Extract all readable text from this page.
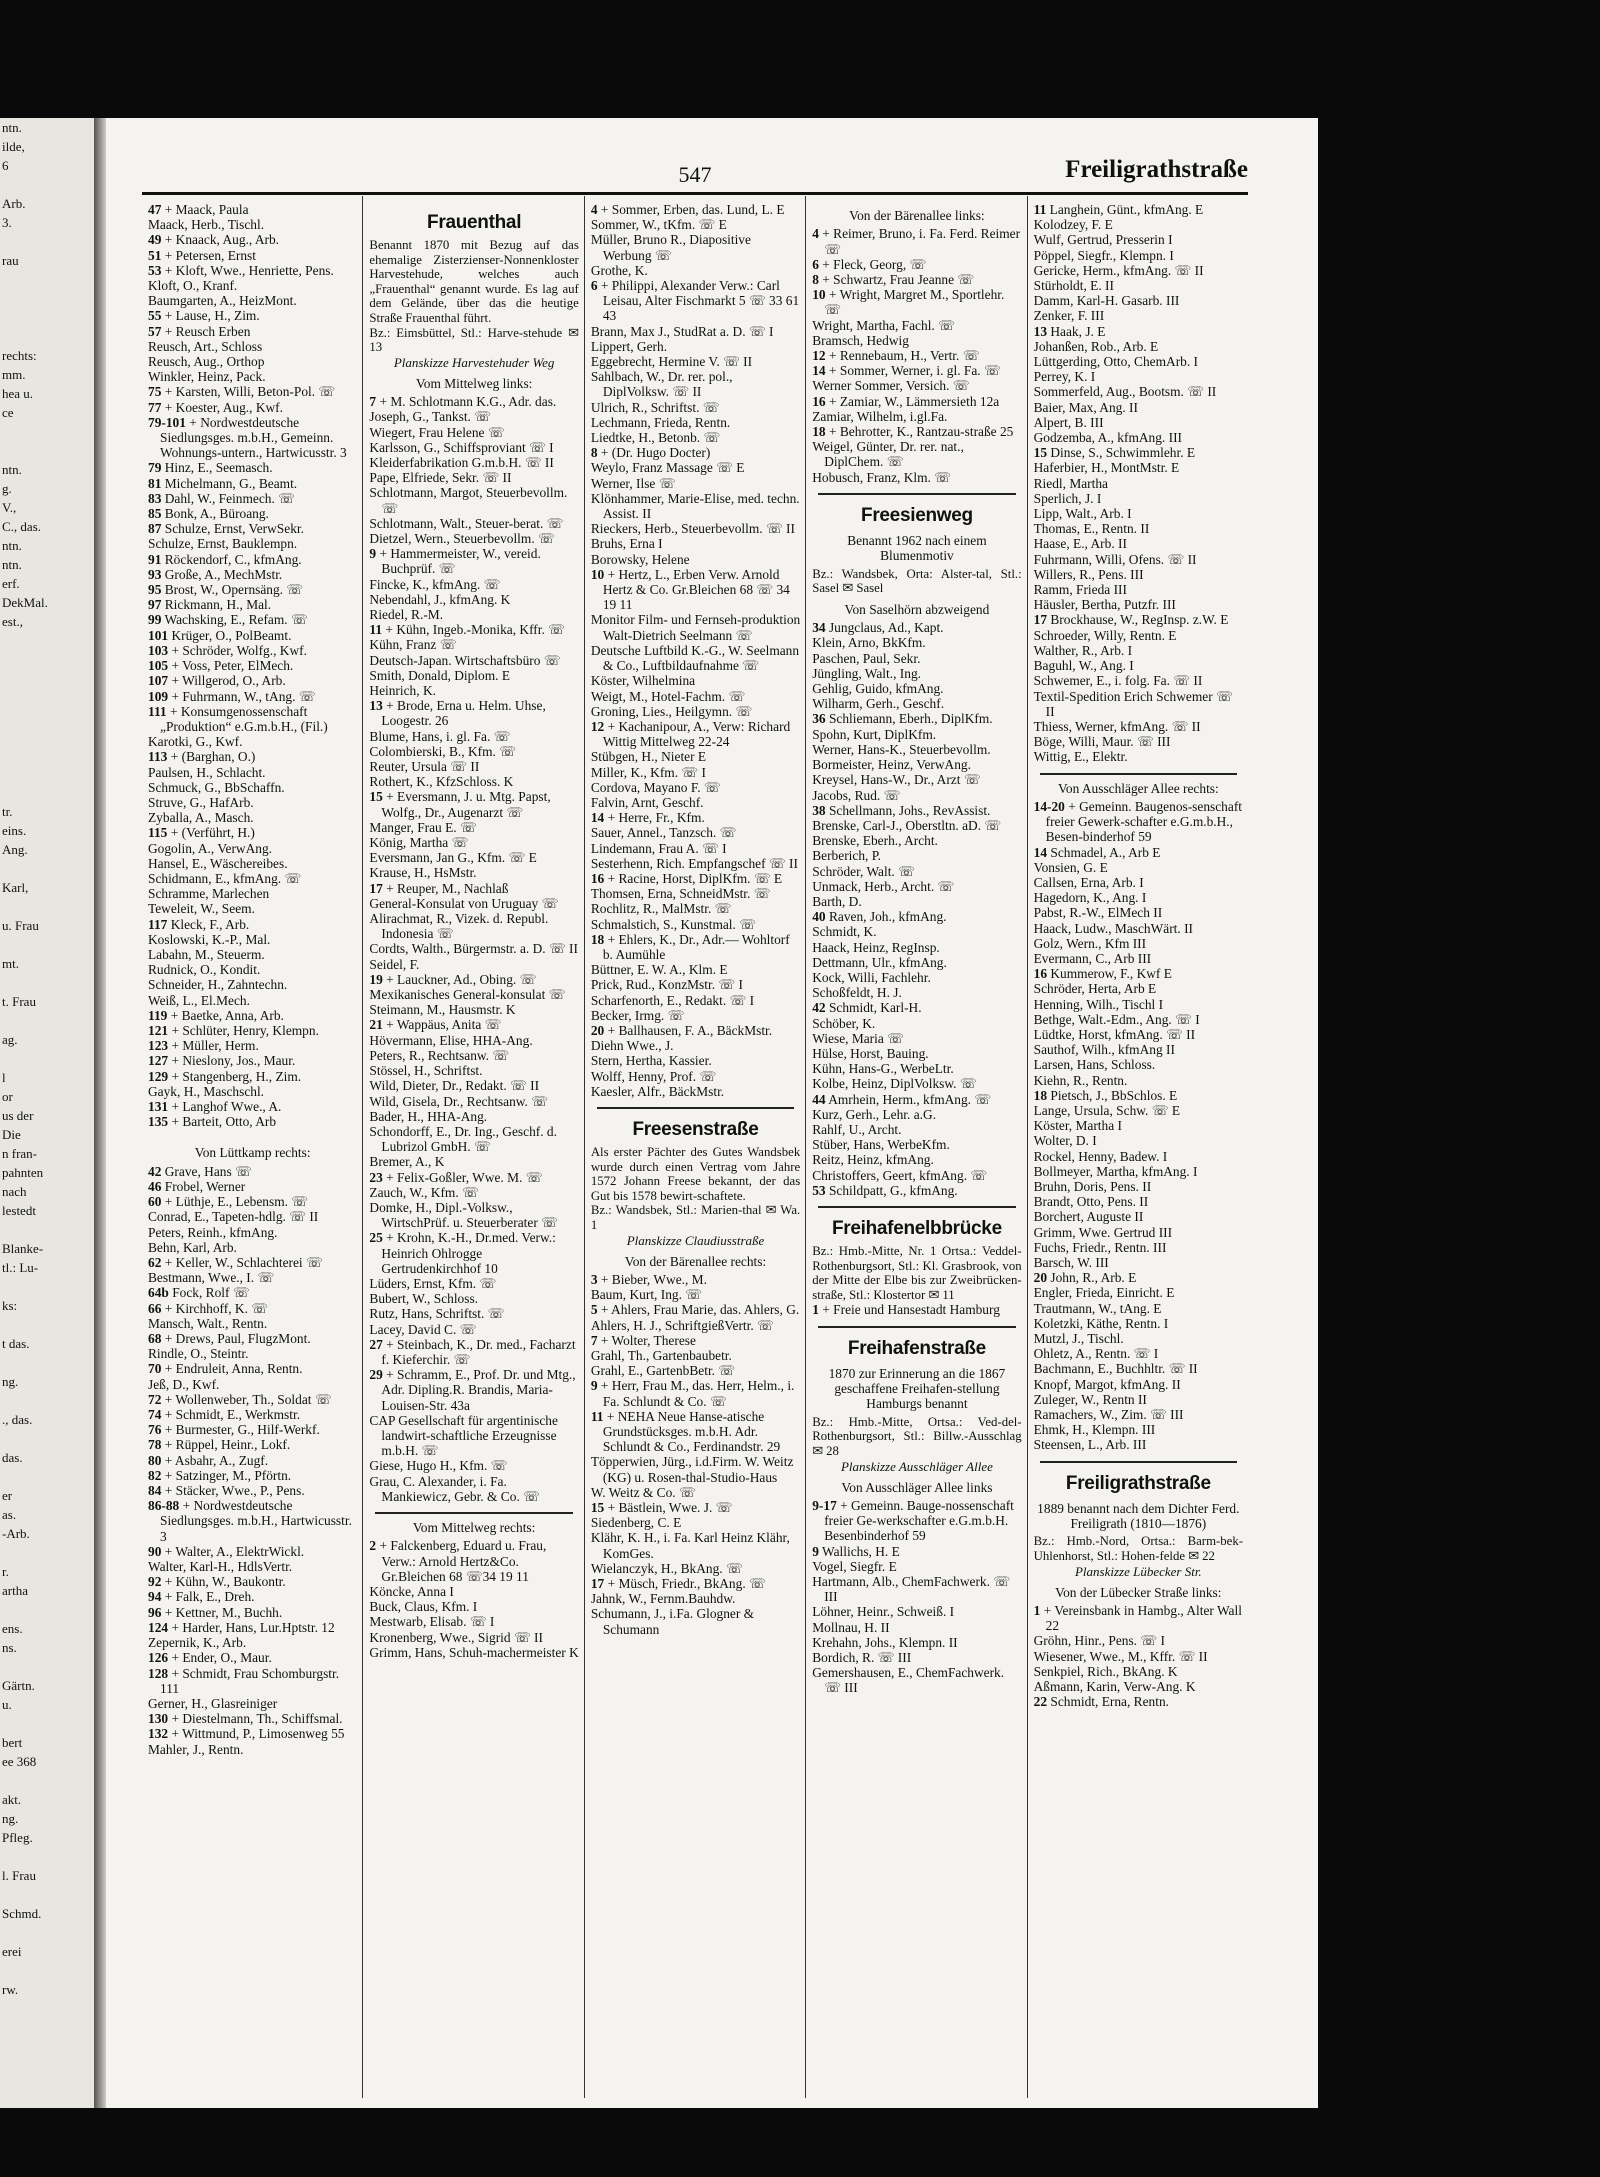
ntn.
ilde,
6

Arb.
3.

rau

rechts:
mm.
hea u.
ce

ntn.
g.
V.,
C., das.
ntn.
ntn.
erf.
DekMal.
est.,

tr.
eins.
Ang.

Karl,

u. Frau

mt.

t. Frau

ag.

l
or
us der
Die
n fran-
pahnten
nach
lestedt

Blanke-
tl.: Lu-

ks:

t das.

ng.

., das.

das.

er
as.
-Arb.

r.
artha

ens.
ns.

Gärtn.
u.

bert
ee 368

akt.
ng.
Pfleg.

l. Frau

Schmd.

erei

rw.
547	Freiligrathstraße
47 + Maack, Paula
Maack, Herb., Tischl.
49 + Knaack, Aug., Arb.
51 + Petersen, Ernst
53 + Kloft, Wwe., Henriette, Pens.
Kloft, O., Kranf.
Baumgarten, A., HeizMont.
55 + Lause, H., Zim.
57 + Reusch Erben
Reusch, Art., Schloss
Reusch, Aug., Orthop
Winkler, Heinz, Pack.
75 + Karsten, Willi, Beton-Pol. ☏
77 + Koester, Aug., Kwf.
79-101 + Nordwestdeutsche Siedlungsges. m.b.H., Gemeinn. Wohnungs-untern., Hartwicusstr. 3
79 Hinz, E., Seemasch.
81 Michelmann, G., Beamt.
83 Dahl, W., Feinmech. ☏
85 Bonk, A., Büroang.
87 Schulze, Ernst, VerwSekr.
Schulze, Ernst, Bauklempn.
91 Röckendorf, C., kfmAng.
93 Große, A., MechMstr.
95 Brost, W., Opernsäng. ☏
97 Rickmann, H., Mal.
99 Wachsking, E., Refam. ☏
101 Krüger, O., PolBeamt.
103 + Schröder, Wolfg., Kwf.
105 + Voss, Peter, ElMech.
107 + Willgerod, O., Arb.
109 + Fuhrmann, W., tAng. ☏
111 + Konsumgenossenschaft „Produktion“ e.G.m.b.H., (Fil.)
Karotki, G., Kwf.
113 + (Barghan, O.)
Paulsen, H., Schlacht.
Schmuck, G., BbSchaffn.
Struve, G., HafArb.
Zyballa, A., Masch.
115 + (Verführt, H.)
Gogolin, A., VerwAng.
Hansel, E., Wäschereibes.
Schidmann, E., kfmAng. ☏
Schramme, Marlechen
Teweleit, W., Seem.
117 Kleck, F., Arb.
Koslowski, K.-P., Mal.
Labahn, M., Steuerm.
Rudnick, O., Kondit.
Schneider, H., Zahntechn.
Weiß, L., El.Mech.
119 + Baetke, Anna, Arb.
121 + Schlüter, Henry, Klempn.
123 + Müller, Herm.
127 + Nieslony, Jos., Maur.
129 + Stangenberg, H., Zim.
Gayk, H., Maschschl.
131 + Langhof Wwe., A.
135 + Barteit, Otto, Arb
Von Lüttkamp rechts:
42 Grave, Hans ☏
46 Frobel, Werner
60 + Lüthje, E., Lebensm. ☏
Conrad, E., Tapeten-hdlg. ☏ II
Peters, Reinh., kfmAng.
Behn, Karl, Arb.
62 + Keller, W., Schlachterei ☏
Bestmann, Wwe., I. ☏
64b Fock, Rolf ☏
66 + Kirchhoff, K. ☏
Mansch, Walt., Rentn.
68 + Drews, Paul, FlugzMont.
Rindle, O., Steintr.
70 + Endruleit, Anna, Rentn.
Jeß, D., Kwf.
72 + Wollenweber, Th., Soldat ☏
74 + Schmidt, E., Werkmstr.
76 + Burmester, G., Hilf-Werkf.
78 + Rüppel, Heinr., Lokf.
80 + Asbahr, A., Zugf.
82 + Satzinger, M., Pförtn.
84 + Stäcker, Wwe., P., Pens.
86-88 + Nordwestdeutsche Siedlungsges. m.b.H., Hartwicusstr. 3
90 + Walter, A., ElektrWickl.
Walter, Karl-H., HdlsVertr.
92 + Kühn, W., Baukontr.
94 + Falk, E., Dreh.
96 + Kettner, M., Buchh.
124 + Harder, Hans, Lur.Hptstr. 12
Zepernik, K., Arb.
126 + Ender, O., Maur.
128 + Schmidt, Frau Schomburgstr. 111
Gerner, H., Glasreiniger
130 + Diestelmann, Th., Schiffsmal.
132 + Wittmund, P., Limosenweg 55
Mahler, J., Rentn.
Frauenthal
Benannt 1870 mit Bezug auf das ehemalige Zisterzienser-Nonnenkloster Harvestehude, welches auch „Frauenthal“ genannt wurde. Es lag auf dem Gelände, über das die heutige Straße Frauenthal führt.
Bz.: Eimsbüttel, Stl.: Harve-stehude ✉ 13
Planskizze Harvestehuder Weg
Vom Mittelweg links:
7 + M. Schlotmann K.G., Adr. das.
Joseph, G., Tankst. ☏
Wiegert, Frau Helene ☏
Karlsson, G., Schiffsproviant ☏ I
Kleiderfabrikation G.m.b.H. ☏ II
Pape, Elfriede, Sekr. ☏ II
Schlotmann, Margot, Steuerbevollm. ☏
Schlotmann, Walt., Steuer-berat. ☏
Dietzel, Wern., Steuerbevollm. ☏
9 + Hammermeister, W., vereid. Buchprüf. ☏
Fincke, K., kfmAng. ☏
Nebendahl, J., kfmAng. K
Riedel, R.-M.
11 + Kühn, Ingeb.-Monika, Kffr. ☏
Kühn, Franz ☏
Deutsch-Japan. Wirtschaftsbüro ☏
Smith, Donald, Diplom. E
Heinrich, K.
13 + Brode, Erna u. Helm. Uhse, Loogestr. 26
Blume, Hans, i. gl. Fa. ☏
Colombierski, B., Kfm. ☏
Reuter, Ursula ☏ II
Rothert, K., KfzSchloss. K
15 + Eversmann, J. u. Mtg. Papst, Wolfg., Dr., Augenarzt ☏
Manger, Frau E. ☏
König, Martha ☏
Eversmann, Jan G., Kfm. ☏ E
Krause, H., HsMstr.
17 + Reuper, M., Nachlaß
General-Konsulat von Uruguay ☏
Alirachmat, R., Vizek. d. Republ. Indonesia ☏
Cordts, Walth., Bürgermstr. a. D. ☏ II
Seidel, F.
19 + Lauckner, Ad., Obing. ☏
Mexikanisches General-konsulat ☏
Steimann, M., Hausmstr. K
21 + Wappäus, Anita ☏
Hövermann, Elise, HHA-Ang.
Peters, R., Rechtsanw. ☏
Stössel, H., Schriftst.
Wild, Dieter, Dr., Redakt. ☏ II
Wild, Gisela, Dr., Rechtsanw. ☏
Bader, H., HHA-Ang.
Schondorff, E., Dr. Ing., Geschf. d. Lubrizol GmbH. ☏
Bremer, A., K
23 + Felix-Goßler, Wwe. M. ☏
Zauch, W., Kfm. ☏
Domke, H., Dipl.-Volksw., WirtschPrüf. u. Steuerberater ☏
25 + Krohn, K.-H., Dr.med. Verw.: Heinrich Ohlrogge Gertrudenkirchhof 10
Lüders, Ernst, Kfm. ☏
Bubert, W., Schloss.
Rutz, Hans, Schriftst. ☏
Lacey, David C. ☏
27 + Steinbach, K., Dr. med., Facharzt f. Kieferchir. ☏
29 + Schramm, E., Prof. Dr. und Mtg., Adr. Dipling.R. Brandis, Maria-Louisen-Str. 43a
CAP Gesellschaft für argentinische landwirt-schaftliche Erzeugnisse m.b.H. ☏
Giese, Hugo H., Kfm. ☏
Grau, C. Alexander, i. Fa. Mankiewicz, Gebr. & Co. ☏
Vom Mittelweg rechts:
2 + Falckenberg, Eduard u. Frau, Verw.: Arnold Hertz&Co. Gr.Bleichen 68 ☏34 19 11
Köncke, Anna I
Buck, Claus, Kfm. I
Mestwarb, Elisab. ☏ I
Kronenberg, Wwe., Sigrid ☏ II
Grimm, Hans, Schuh-machermeister K
4 + Sommer, Erben, das. Lund, L. E
Sommer, W., tKfm. ☏ E
Müller, Bruno R., Diapositive Werbung ☏
Grothe, K.
6 + Philippi, Alexander Verw.: Carl Leisau, Alter Fischmarkt 5 ☏ 33 61 43
Brann, Max J., StudRat a. D. ☏ I
Lippert, Gerh.
Eggebrecht, Hermine V. ☏ II
Sahlbach, W., Dr. rer. pol., DiplVolksw. ☏ II
Ulrich, R., Schriftst. ☏
Lechmann, Frieda, Rentn.
Liedtke, H., Betonb. ☏
8 + (Dr. Hugo Docter)
Weylo, Franz Massage ☏ E
Werner, Ilse ☏
Klönhammer, Marie-Elise, med. techn. Assist. II
Rieckers, Herb., Steuerbevollm. ☏ II
Bruhs, Erna I
Borowsky, Helene
10 + Hertz, L., Erben Verw. Arnold Hertz & Co. Gr.Bleichen 68 ☏ 34 19 11
Monitor Film- und Fernseh-produktion Walt-Dietrich Seelmann ☏
Deutsche Luftbild K.-G., W. Seelmann & Co., Luftbildaufnahme ☏
Köster, Wilhelmina
Weigt, M., Hotel-Fachm. ☏
Groning, Lies., Heilgymn. ☏
12 + Kachanipour, A., Verw: Richard Wittig Mittelweg 22-24
Stübgen, H., Nieter E
Miller, K., Kfm. ☏ I
Cordova, Mayano F. ☏
Falvin, Arnt, Geschf.
14 + Herre, Fr., Kfm.
Sauer, Annel., Tanzsch. ☏
Lindemann, Frau A. ☏ I
Sesterhenn, Rich. Empfangschef ☏ II
16 + Racine, Horst, DiplKfm. ☏ E
Thomsen, Erna, SchneidMstr. ☏
Rochlitz, R., MalMstr. ☏
Schmalstich, S., Kunstmal. ☏
18 + Ehlers, K., Dr., Adr.— Wohltorf b. Aumühle
Büttner, E. W. A., Klm. E
Prick, Rud., KonzMstr. ☏ I
Scharfenorth, E., Redakt. ☏ I
Becker, Irmg. ☏
20 + Ballhausen, F. A., BäckMstr.
Diehn Wwe., J.
Stern, Hertha, Kassier.
Wolff, Henny, Prof. ☏
Kaesler, Alfr., BäckMstr.
Freesenstraße
Als erster Pächter des Gutes Wandsbek wurde durch einen Vertrag vom Jahre 1572 Johann Freese bekannt, der das Gut bis 1578 bewirt-schaftete.
Bz.: Wandsbek, Stl.: Marien-thal ✉ Wa. 1
Planskizze Claudiusstraße
Von der Bärenallee rechts:
3 + Bieber, Wwe., M.
Baum, Kurt, Ing. ☏
5 + Ahlers, Frau Marie, das. Ahlers, G.
Ahlers, H. J., SchriftgießVertr. ☏
7 + Wolter, Therese
Grahl, Th., Gartenbaubetr.
Grahl, E., GartenbBetr. ☏
9 + Herr, Frau M., das. Herr, Helm., i. Fa. Schlundt & Co. ☏
11 + NEHA Neue Hanse-atische Grundstücksges. m.b.H. Adr. Schlundt & Co., Ferdinandstr. 29
Töpperwien, Jürg., i.d.Firm. W. Weitz (KG) u. Rosen-thal-Studio-Haus
W. Weitz & Co. ☏
15 + Bästlein, Wwe. J. ☏
Siedenberg, C. E
Klähr, K. H., i. Fa. Karl Heinz Klähr, KomGes.
Wielanczyk, H., BkAng. ☏
17 + Müsch, Friedr., BkAng. ☏
Jahnk, W., Fernm.Bauhdw.
Schumann, J., i.Fa. Glogner & Schumann
Von der Bärenallee links:
4 + Reimer, Bruno, i. Fa. Ferd. Reimer ☏
6 + Fleck, Georg, ☏
8 + Schwartz, Frau Jeanne ☏
10 + Wright, Margret M., Sportlehr. ☏
Wright, Martha, Fachl. ☏
Bramsch, Hedwig
12 + Rennebaum, H., Vertr. ☏
14 + Sommer, Werner, i. gl. Fa. ☏
Werner Sommer, Versich. ☏
16 + Zamiar, W., Lämmersieth 12a
Zamiar, Wilhelm, i.gl.Fa.
18 + Behrotter, K., Rantzau-straße 25
Weigel, Günter, Dr. rer. nat., DiplChem. ☏
Hobusch, Franz, Klm. ☏
Freesienweg
Benannt 1962 nach einem Blumenmotiv
Bz.: Wandsbek, Orta: Alster-tal, Stl.: Sasel ✉ Sasel
Von Saselhörn abzweigend
34 Jungclaus, Ad., Kapt.
Klein, Arno, BkKfm.
Paschen, Paul, Sekr.
Jüngling, Walt., Ing.
Gehlig, Guido, kfmAng.
Wilharm, Gerh., Geschf.
36 Schliemann, Eberh., DiplKfm.
Spohn, Kurt, DiplKfm.
Werner, Hans-K., Steuerbevollm.
Bormeister, Heinz, VerwAng.
Kreysel, Hans-W., Dr., Arzt ☏
Jacobs, Rud. ☏
38 Schellmann, Johs., RevAssist.
Brenske, Carl-J., Oberstltn. aD. ☏
Brenske, Eberh., Archt.
Berberich, P.
Schröder, Walt. ☏
Unmack, Herb., Archt. ☏
Barth, D.
40 Raven, Joh., kfmAng.
Schmidt, K.
Haack, Heinz, RegInsp.
Dettmann, Ulr., kfmAng.
Kock, Willi, Fachlehr.
Schoßfeldt, H. J.
42 Schmidt, Karl-H.
Schöber, K.
Wiese, Maria ☏
Hülse, Horst, Bauing.
Kühn, Hans-G., WerbeLtr.
Kolbe, Heinz, DiplVolksw. ☏
44 Amrhein, Herm., kfmAng. ☏
Kurz, Gerh., Lehr. a.G.
Rahlf, U., Archt.
Stüber, Hans, WerbeKfm.
Reitz, Heinz, kfmAng.
Christoffers, Geert, kfmAng. ☏
53 Schildpatt, G., kfmAng.
Freihafenelbbrücke
Bz.: Hmb.-Mitte, Nr. 1 Ortsa.: Veddel-Rothenburgsort, Stl.: Kl. Grasbrook, von der Mitte der Elbe bis zur Zweibrücken-straße, Stl.: Klostertor ✉ 11
1 + Freie und Hansestadt Hamburg
Freihafenstraße
1870 zur Erinnerung an die 1867 geschaffene Freihafen-stellung Hamburgs benannt
Bz.: Hmb.-Mitte, Ortsa.: Ved-del-Rothenburgsort, Stl.: Billw.-Ausschlag ✉ 28
Planskizze Ausschläger Allee
Von Ausschläger Allee links
9-17 + Gemeinn. Bauge-nossenschaft freier Ge-werkschafter e.G.m.b.H. Besenbinderhof 59
9 Wallichs, H. E
Vogel, Siegfr. E
Hartmann, Alb., ChemFachwerk. ☏ III
Löhner, Heinr., Schweiß. I
Mollnau, H. II
Krehahn, Johs., Klempn. II
Bordich, R. ☏ III
Gemershausen, E., ChemFachwerk. ☏ III
11 Langhein, Günt., kfmAng. E
Kolodzey, F. E
Wulf, Gertrud, Presserin I
Pöppel, Siegfr., Klempn. I
Gericke, Herm., kfmAng. ☏ II
Stürholdt, E. II
Damm, Karl-H. Gasarb. III
Zenker, F. III
13 Haak, J. E
Johanßen, Rob., Arb. E
Lüttgerding, Otto, ChemArb. I
Perrey, K. I
Sommerfeld, Aug., Bootsm. ☏ II
Baier, Max, Ang. II
Alpert, B. III
Godzemba, A., kfmAng. III
15 Dinse, S., Schwimmlehr. E
Haferbier, H., MontMstr. E
Riedl, Martha
Sperlich, J. I
Lipp, Walt., Arb. I
Thomas, E., Rentn. II
Haase, E., Arb. II
Fuhrmann, Willi, Ofens. ☏ II
Willers, R., Pens. III
Ramm, Frieda III
Häusler, Bertha, Putzfr. III
17 Brockhause, W., RegInsp. z.W. E
Schroeder, Willy, Rentn. E
Walther, R., Arb. I
Baguhl, W., Ang. I
Schwemer, E., i. folg. Fa. ☏ II
Textil-Spedition Erich Schwemer ☏ II
Thiess, Werner, kfmAng. ☏ II
Böge, Willi, Maur. ☏ III
Wittig, E., Elektr.
Von Ausschläger Allee rechts:
14-20 + Gemeinn. Baugenos-senschaft freier Gewerk-schafter e.G.m.b.H., Besen-binderhof 59
14 Schmadel, A., Arb E
Vonsien, G. E
Callsen, Erna, Arb. I
Hagedorn, K., Ang. I
Pabst, R.-W., ElMech II
Haack, Ludw., MaschWärt. II
Golz, Wern., Kfm III
Evermann, C., Arb III
16 Kummerow, F., Kwf E
Schröder, Herta, Arb E
Henning, Wilh., Tischl I
Bethge, Walt.-Edm., Ang. ☏ I
Lüdtke, Horst, kfmAng. ☏ II
Sauthof, Wilh., kfmAng II
Larsen, Hans, Schloss.
Kiehn, R., Rentn.
18 Pietsch, J., BbSchlos. E
Lange, Ursula, Schw. ☏ E
Köster, Martha I
Wolter, D. I
Rockel, Henny, Badew. I
Bollmeyer, Martha, kfmAng. I
Bruhn, Doris, Pens. II
Brandt, Otto, Pens. II
Borchert, Auguste II
Grimm, Wwe. Gertrud III
Fuchs, Friedr., Rentn. III
Barsch, W. III
20 John, R., Arb. E
Engler, Frieda, Einricht. E
Trautmann, W., tAng. E
Koletzki, Käthe, Rentn. I
Mutzl, J., Tischl.
Ohletz, A., Rentn. ☏ I
Bachmann, E., Buchhltr. ☏ II
Knopf, Margot, kfmAng. II
Zuleger, W., Rentn II
Ramachers, W., Zim. ☏ III
Ehmk, H., Klempn. III
Steensen, L., Arb. III
Freiligrathstraße
1889 benannt nach dem Dichter Ferd. Freiligrath (1810—1876)
Bz.: Hmb.-Nord, Ortsa.: Barm-bek-Uhlenhorst, Stl.: Hohen-felde ✉ 22
Planskizze Lübecker Str.
Von der Lübecker Straße links:
1 + Vereinsbank in Hambg., Alter Wall 22
Gröhn, Hinr., Pens. ☏ I
Wiesener, Wwe., M., Kffr. ☏ II
Senkpiel, Rich., BkAng. K
Aßmann, Karin, Verw-Ang. K
22 Schmidt, Erna, Rentn.
